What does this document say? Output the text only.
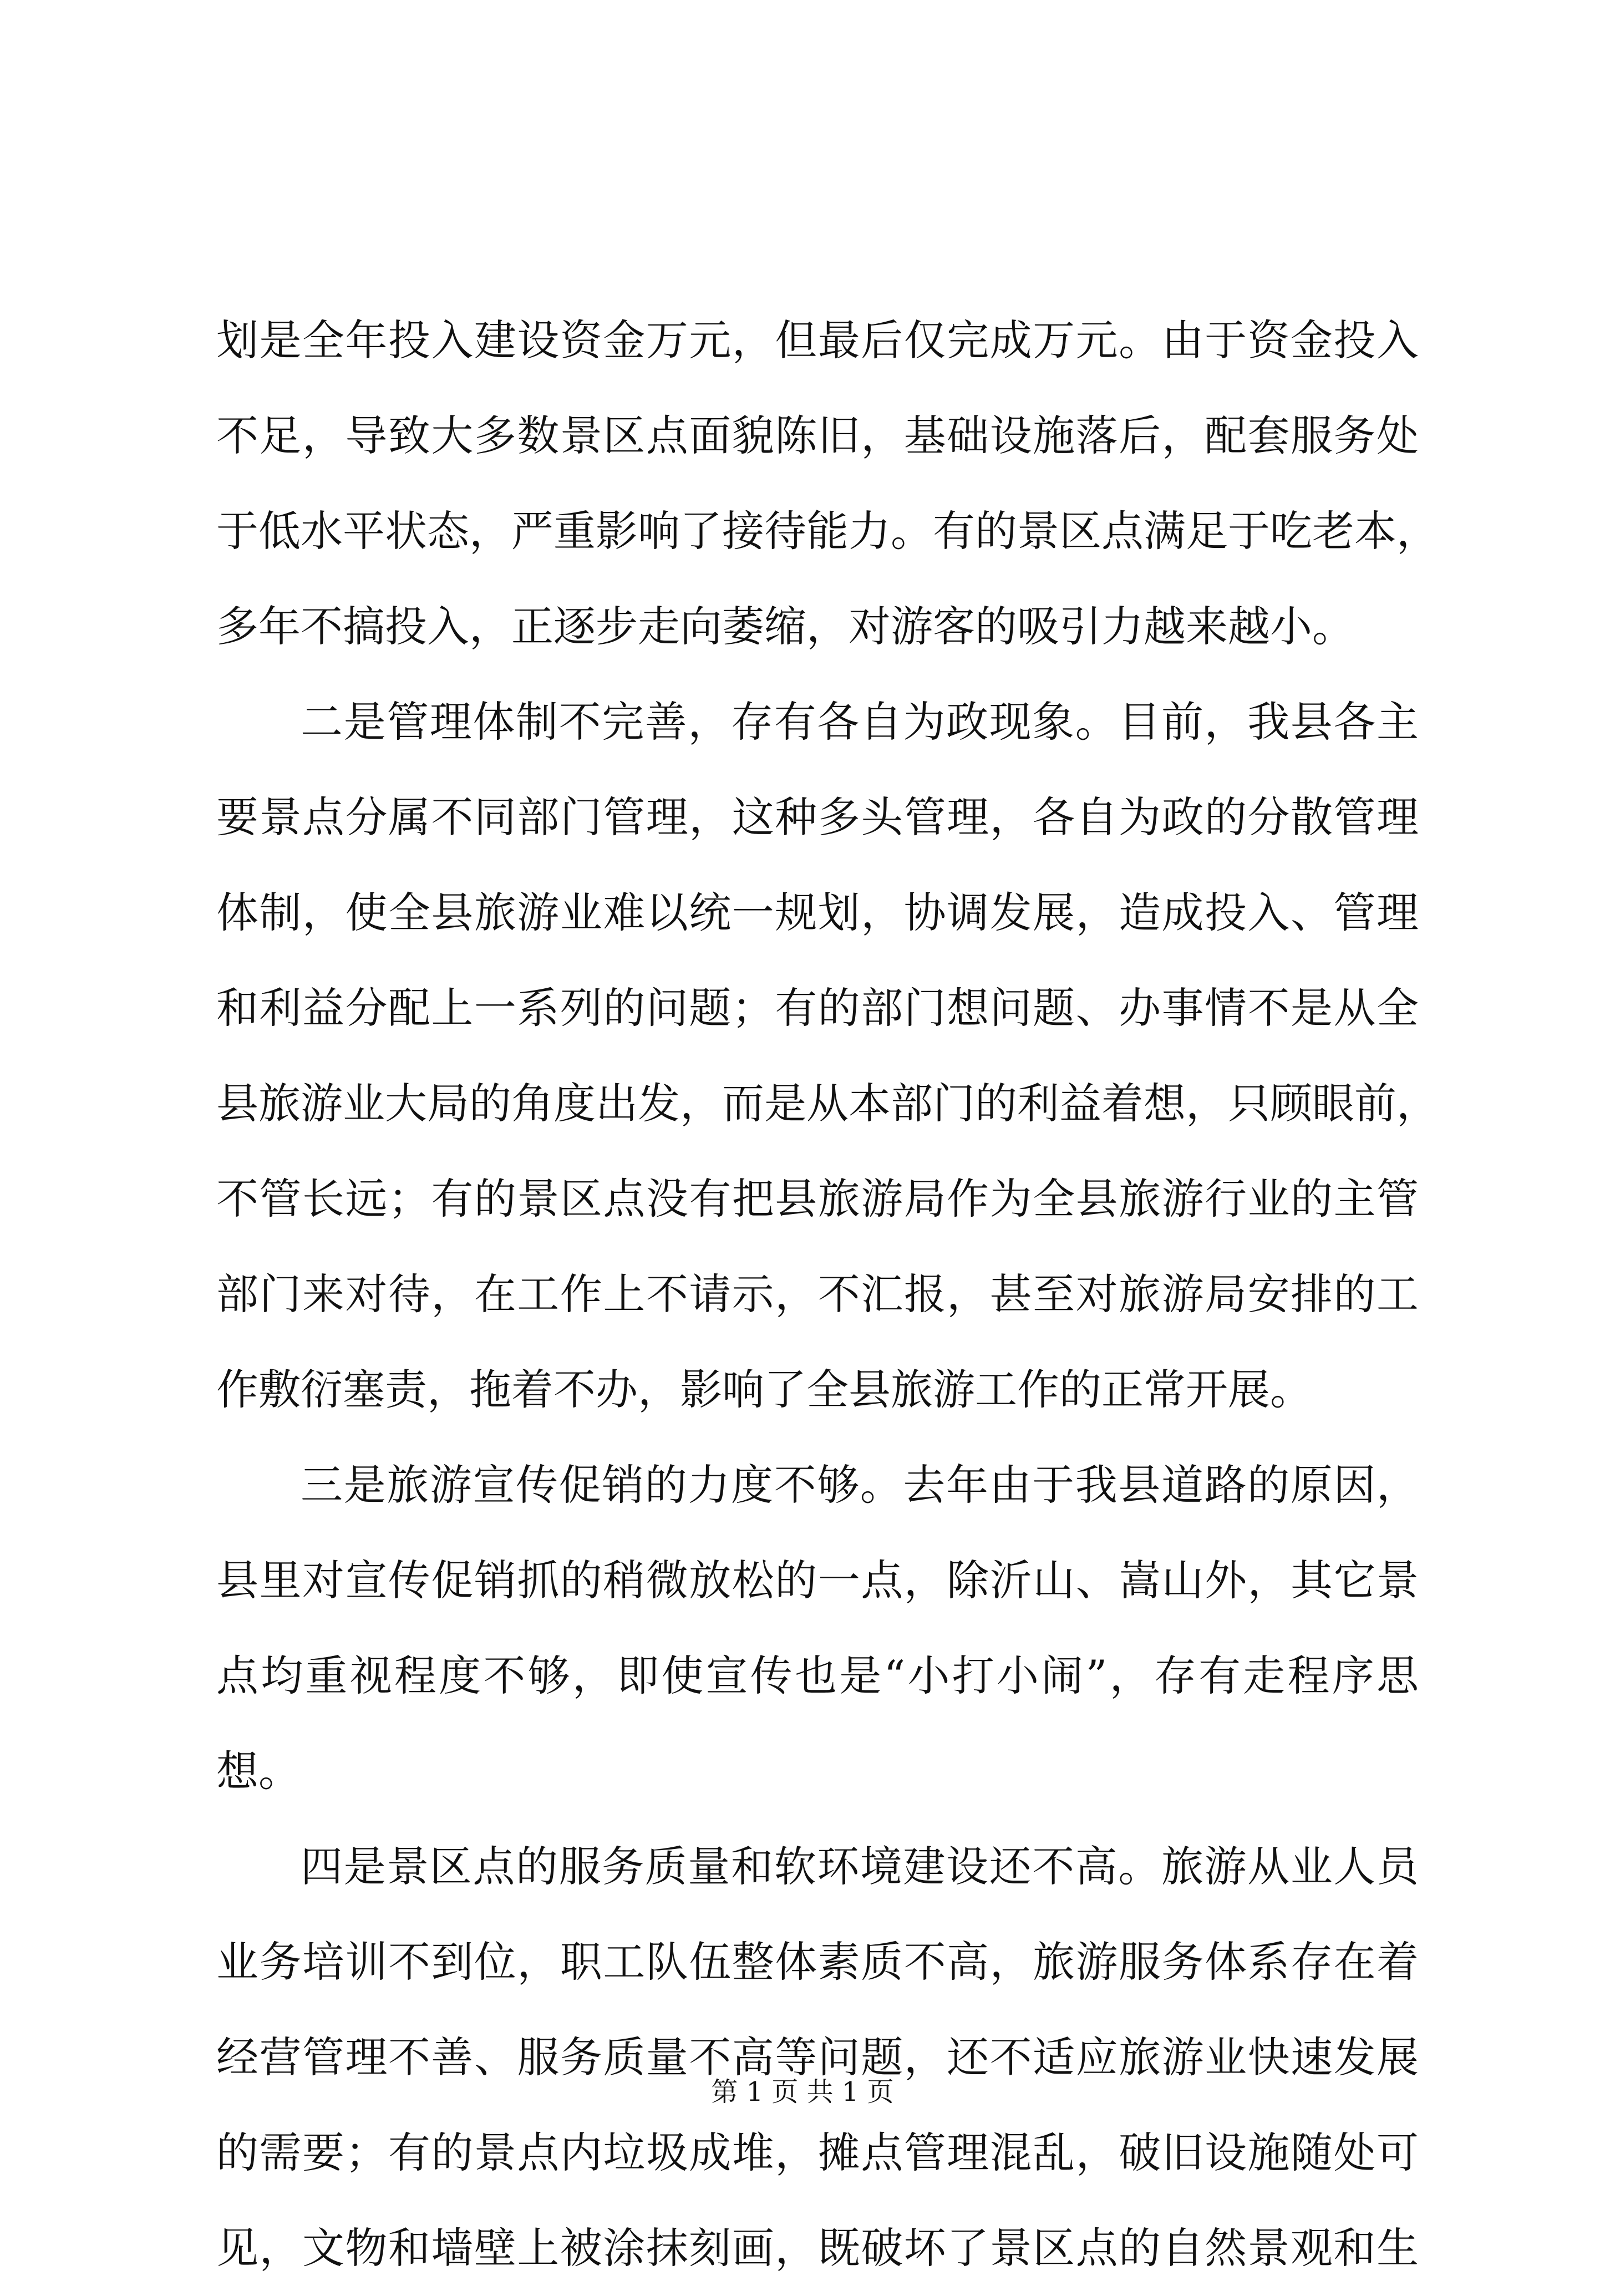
划是全年投入建设资金万元，但最后仅完成万元。由于资金投入
不足，导致大多数景区点面貌陈旧，基础设施落后，配套服务处
于低水平状态，严重影响了接待能力。有的景区点满足于吃老本，
多年不搞投入，正逐步走向萎缩，对游客的吸引力越来越小。
二是管理体制不完善，存有各自为政现象。目前，我县各主
要景点分属不同部门管理，这种多头管理，各自为政的分散管理
体制，使全县旅游业难以统一规划，协调发展，造成投入、管理
和利益分配上一系列的问题；有的部门想问题、办事情不是从全
县旅游业大局的角度出发，而是从本部门的利益着想，只顾眼前，
不管长远；有的景区点没有把县旅游局作为全县旅游行业的主管
部门来对待，在工作上不请示，不汇报，甚至对旅游局安排的工
作敷衍塞责，拖着不办，影响了全县旅游工作的正常开展。
三是旅游宣传促销的力度不够。去年由于我县道路的原因，
县里对宣传促销抓的稍微放松的一点，除沂山、嵩山外，其它景
点均重视程度不够，即使宣传也是“小打小闹”，存有走程序思
想。
四是景区点的服务质量和软环境建设还不高。旅游从业人员
业务培训不到位，职工队伍整体素质不高，旅游服务体系存在着
经营管理不善、服务质量不高等问题，还不适应旅游业快速发展
的需要；有的景点内垃圾成堆，摊点管理混乱，破旧设施随处可
见，文物和墙壁上被涂抹刻画，既破坏了景区点的自然景观和生
第 1 页 共 1 页
